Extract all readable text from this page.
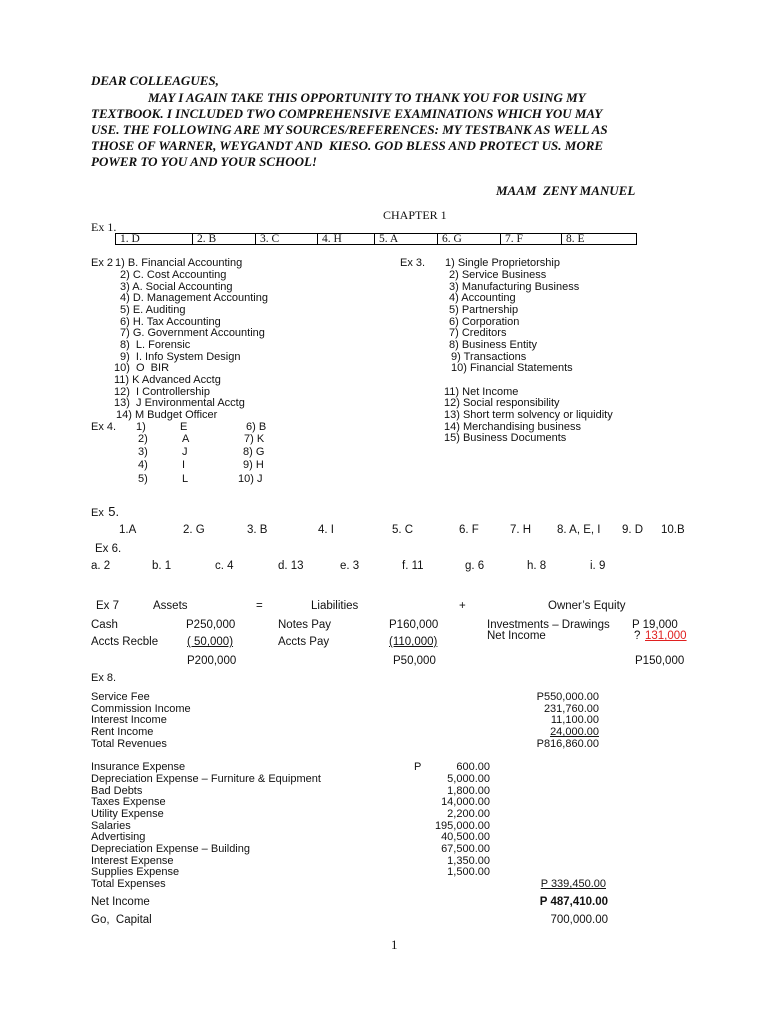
DEAR COLLEAGUES,
MAY I AGAIN TAKE THIS OPPORTUNITY TO THANK YOU FOR USING MY
TEXTBOOK. I INCLUDED TWO COMPREHENSIVE EXAMINATIONS WHICH YOU MAY
USE. THE FOLLOWING ARE MY SOURCES/REFERENCES: MY TESTBANK AS WELL AS
THOSE OF WARNER, WEYGANDT AND  KIESO. GOD BLESS AND PROTECT US. MORE
POWER TO YOU AND YOUR SCHOOL!
MAAM  ZENY MANUEL
CHAPTER 1
Ex 1.
1. D	2. B	3. C	4. H	5. A	6. G	7. F	8. E
Ex 2 1) B. Financial Accounting
2) C. Cost Accounting
3) A. Social Accounting
4) D. Management Accounting
5) E. Auditing
6) H. Tax Accounting
7) G. Government Accounting
8)  L. Forensic
9)  I. Info System Design
10)  O  BIR
11) K Advanced Acctg
12)  I Controllership
13)  J Environmental Acctg
14) M Budget Officer
Ex 3. 1) Single Proprietorship
2) Service Business
3) Manufacturing Business
4) Accounting
5) Partnership
6) Corporation
7) Creditors
8) Business Entity
9) Transactions
10) Financial Statements
11) Net Income
12) Social responsibility
13) Short term solvency or liquidity
14) Merchandising business
15) Business Documents
Ex 4. 1)	E	6) B
2)	A	7) K
3)	J	8) G
4)	I	9) H
5)	L	10) J
Ex 5.
1.A	2. G	3. B	4. I	5. C	6. F	7. H 8. A, E, I 9. D 10.B
Ex 6.
a. 2	b. 1	c. 4	d. 13	e. 3	f. 11	g. 6	h. 8	i. 9
Ex 7	Assets	=	Liabilities	+	Owner’s Equity
Cash	P250,000	Notes Pay	P160,000	Investments – Drawings P 19,000
Net Income	? 131,000
Accts Recble	( 50,000)	Accts Pay	(110,000)
P200,000	P50,000	P150,000
Ex 8.
Service Fee	P550,000.00
Commission Income	231,760.00
Interest Income	11,100.00
Rent Income	24,000.00
Total Revenues	P816,860.00
P
Insurance Expense	600.00
Depreciation Expense – Furniture & Equipment	5,000.00
Bad Debts	1,800.00
Taxes Expense	14,000.00
Utility Expense	2,200.00
Salaries	195,000.00
Advertising	40,500.00
Depreciation Expense – Building	67,500.00
Interest Expense	1,350.00
Supplies Expense	1,500.00
Total Expenses	P 339,450.00
Net Income	P 487,410.00
Go,  Capital	700,000.00
1
